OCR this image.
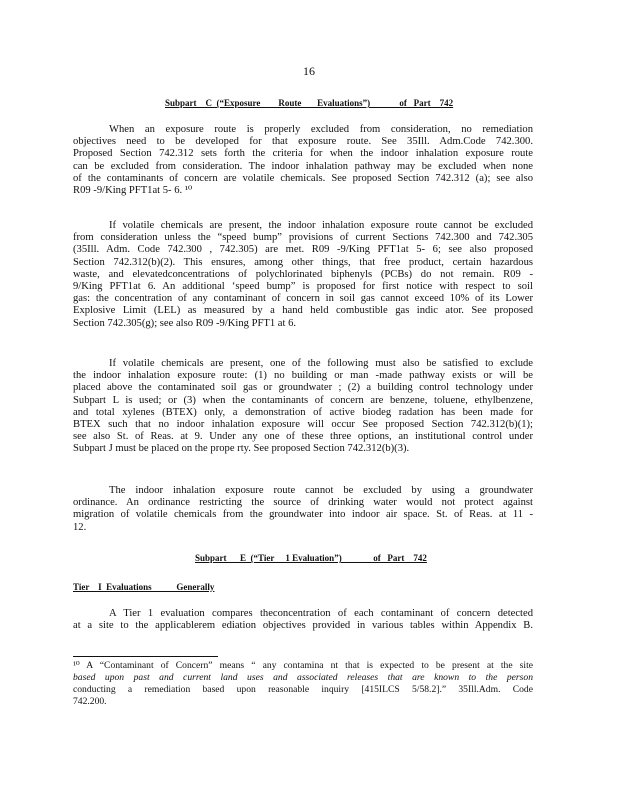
16
Subpart    C  (“Exposure        Route       Evaluations”)             of   Part    742
When an exposure route is properly excluded from consideration, no remediation
objectives need to be developed for that exposure route. See 35Ill. Adm.Code 742.300.
Proposed Section 742.312 sets forth the criteria for when the indoor inhalation exposure route
can be excluded from consideration. The indoor inhalation pathway may be excluded when none
of the contaminants of concern are volatile chemicals. See proposed Section 742.312 (a); see also
R09 -9/King PFT1at 5- 6. ¹⁰
If volatile chemicals are present, the indoor inhalation exposure route cannot be excluded
from consideration unless the “speed bump” provisions of current Sections 742.300 and 742.305
(35Ill. Adm. Code 742.300 , 742.305) are met. R09 -9/King PFT1at 5- 6; see also proposed
Section 742.312(b)(2). This ensures, among other things, that free product, certain hazardous
waste, and elevatedconcentrations of polychlorinated biphenyls (PCBs) do not remain. R09 -
9/King PFT1at 6. An additional ‘speed bump” is proposed for first notice with respect to soil
gas: the concentration of any contaminant of concern in soil gas cannot exceed 10% of its Lower
Explosive Limit (LEL) as measured by a hand held combustible gas indic ator. See proposed
Section 742.305(g); see also R09 -9/King PFT1 at 6.
If volatile chemicals are present, one of the following must also be satisfied to exclude
the indoor inhalation exposure route: (1) no building or man -made pathway exists or will be
placed above the contaminated soil gas or groundwater ; (2) a building control technology under
Subpart L is used; or (3) when the contaminants of concern are benzene, toluene, ethylbenzene,
and total xylenes (BTEX) only, a demonstration of active biodeg radation has been made for
BTEX such that no indoor inhalation exposure will occur See proposed Section 742.312(b)(1);
see also St. of Reas. at 9. Under any one of these three options, an institutional control under
Subpart J must be placed on the prope rty. See proposed Section 742.312(b)(3).
The indoor inhalation exposure route cannot be excluded by using a groundwater
ordinance. An ordinance restricting the source of drinking water would not protect against
migration of volatile chemicals from the groundwater into indoor air space. St. of Reas. at 11 -
12.
Subpart      E  (“Tier     1 Evaluation”)              of   Part    742
Tier    I  Evaluations           Generally
A Tier 1 evaluation compares theconcentration of each contaminant of concern detected
at a site to the applicablerem ediation objectives provided in various tables within Appendix B.
¹⁰ A “Contaminant of Concern” means “ any contamina nt that is expected to be present at the site
based upon past and current land uses and associated releases that are known to the person
conducting a remediation based upon reasonable inquiry [415ILCS 5/58.2].” 35Ill.Adm. Code
742.200.
